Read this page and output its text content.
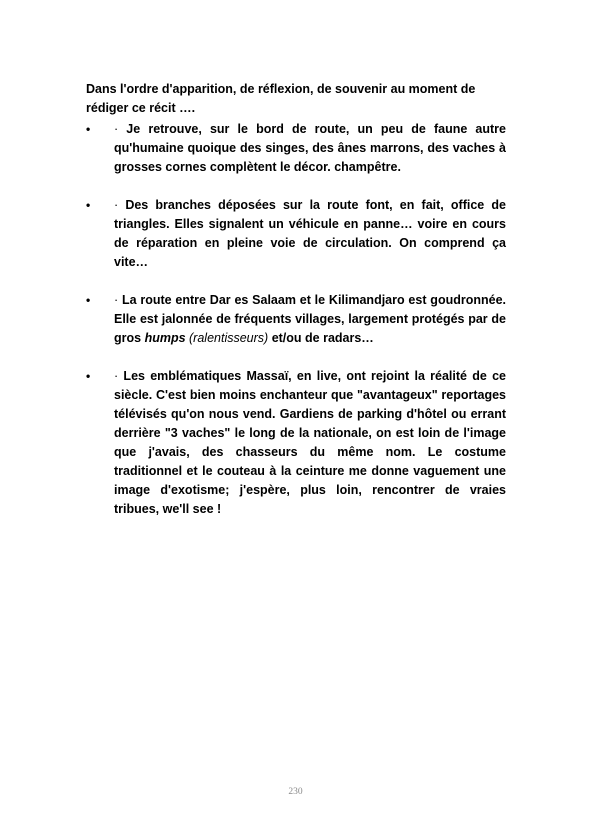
Dans l'ordre d'apparition, de réflexion, de souvenir au moment de rédiger ce récit ….

•	· Je retrouve, sur le bord de route, un peu de faune autre qu'humaine quoique des singes, des ânes marrons, des vaches à grosses cornes complètent le décor. champêtre.
•	· Des branches déposées sur la route font, en fait, office de triangles. Elles signalent un véhicule en panne… voire en cours de réparation en pleine voie de circulation. On comprend ça vite…
•	· La route entre Dar es Salaam et le Kilimandjaro est goudronnée. Elle est jalonnée de fréquents villages, largement protégés par de gros humps (ralentisseurs) et/ou de radars…
•	· Les emblématiques Massaï, en live, ont rejoint la réalité de ce siècle. C'est bien moins enchanteur que "avantageux" reportages télévisés qu'on nous vend. Gardiens de parking d'hôtel ou errant derrière "3 vaches" le long de la nationale, on est loin de l'image que j'avais, des chasseurs du même nom. Le costume traditionnel et le couteau à la ceinture me donne vaguement une image d'exotisme; j'espère, plus loin, rencontrer de vraies tribues, we'll see !
230
